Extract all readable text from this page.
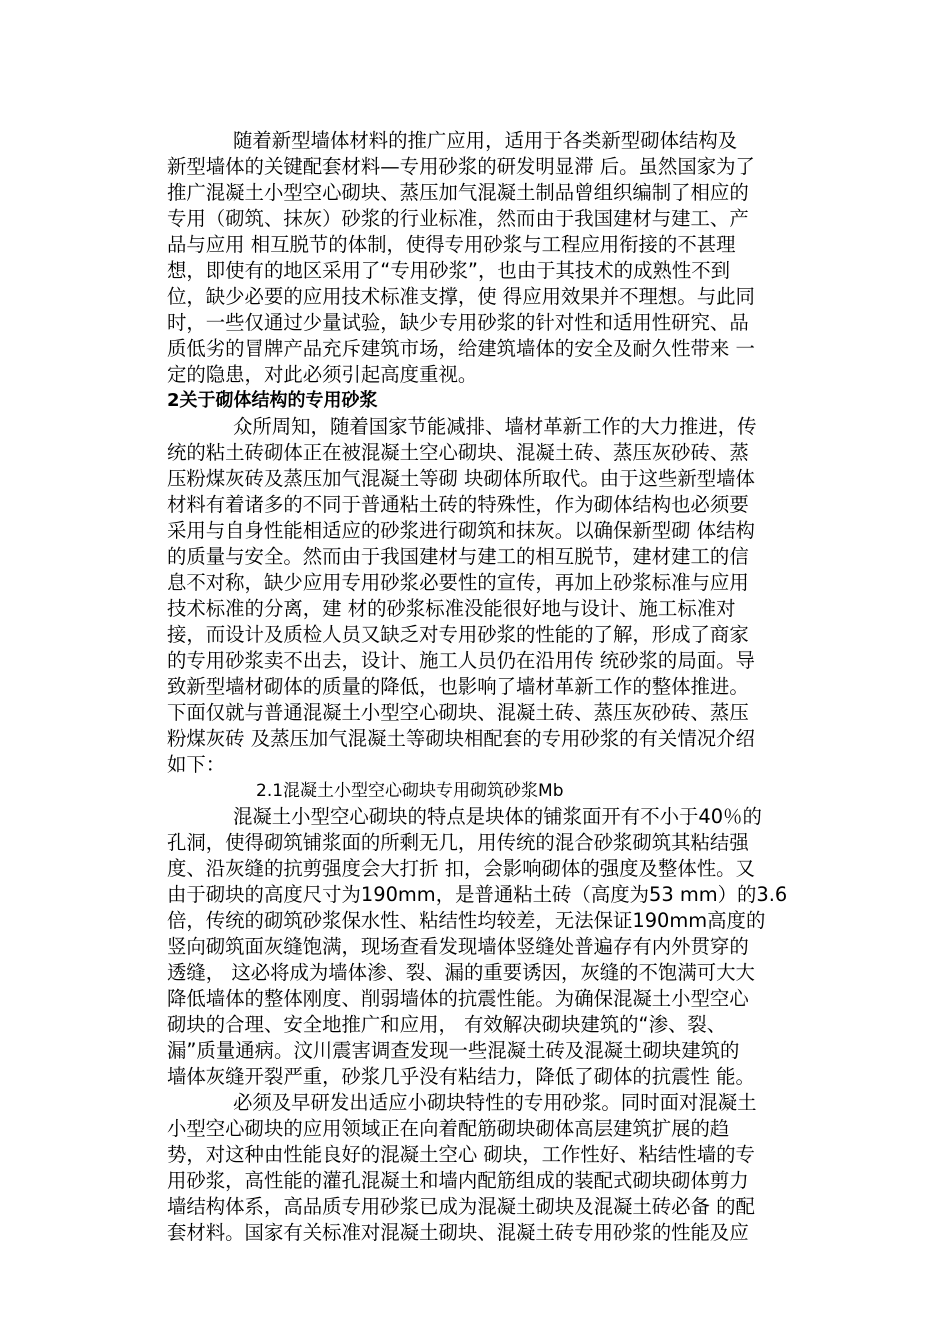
随着新型墙体材料的推广应用，适用于各类新型砌体结构及
新型墙体的关键配套材料—专用砂浆的研发明显滞 后。虽然国家为了
推广混凝土小型空心砌块、蒸压加气混凝土制品曾组织编制了相应的
专用（砌筑、抹灰）砂浆的行业标准，然而由于我国建材与建工、产
品与应用 相互脱节的体制，使得专用砂浆与工程应用衔接的不甚理
想，即使有的地区采用了“专用砂浆”，也由于其技术的成熟性不到
位，缺少必要的应用技术标准支撑，使 得应用效果并不理想。与此同
时，一些仅通过少量试验，缺少专用砂浆的针对性和适用性研究、品
质低劣的冒牌产品充斥建筑市场，给建筑墙体的安全及耐久性带来 一
定的隐患，对此必须引起高度重视。
2关于砌体结构的专用砂浆
众所周知，随着国家节能减排、墙材革新工作的大力推进，传
统的粘土砖砌体正在被混凝土空心砌块、混凝土砖、蒸压灰砂砖、蒸
压粉煤灰砖及蒸压加气混凝土等砌 块砌体所取代。由于这些新型墙体
材料有着诸多的不同于普通粘土砖的特殊性，作为砌体结构也必须要
采用与自身性能相适应的砂浆进行砌筑和抹灰。以确保新型砌 体结构
的质量与安全。然而由于我国建材与建工的相互脱节，建材建工的信
息不对称，缺少应用专用砂浆必要性的宣传，再加上砂浆标准与应用
技术标准的分离，建 材的砂浆标准没能很好地与设计、施工标准对
接，而设计及质检人员又缺乏对专用砂浆的性能的了解，形成了商家
的专用砂浆卖不出去，设计、施工人员仍在沿用传 统砂浆的局面。导
致新型墙材砌体的质量的降低，也影响了墙材革新工作的整体推进。
下面仅就与普通混凝土小型空心砌块、混凝土砖、蒸压灰砂砖、蒸压
粉煤灰砖 及蒸压加气混凝土等砌块相配套的专用砂浆的有关情况介绍
如下：
2.1混凝土小型空心砌块专用砌筑砂浆Mb
混凝土小型空心砌块的特点是块体的铺浆面开有不小于40％的
孔洞，使得砌筑铺浆面的所剩无几，用传统的混合砂浆砌筑其粘结强
度、沿灰缝的抗剪强度会大打折 扣，会影响砌体的强度及整体性。又
由于砌块的高度尺寸为190mm，是普通粘土砖（高度为53 mm）的3.6
倍，传统的砌筑砂浆保水性、粘结性均较差，无法保证190mm高度的
竖向砌筑面灰缝饱满，现场查看发现墙体竖缝处普遍存有内外贯穿的
透缝， 这必将成为墙体渗、裂、漏的重要诱因，灰缝的不饱满可大大
降低墙体的整体刚度、削弱墙体的抗震性能。为确保混凝土小型空心
砌块的合理、安全地推广和应用， 有效解决砌块建筑的“渗、裂、
漏”质量通病。汶川震害调查发现一些混凝土砖及混凝土砌块建筑的
墙体灰缝开裂严重，砂浆几乎没有粘结力，降低了砌体的抗震性 能。
必须及早研发出适应小砌块特性的专用砂浆。同时面对混凝土
小型空心砌块的应用领域正在向着配筋砌块砌体高层建筑扩展的趋
势，对这种由性能良好的混凝土空心 砌块，工作性好、粘结性墙的专
用砂浆，高性能的灌孔混凝土和墙内配筋组成的装配式砌块砌体剪力
墙结构体系，高品质专用砂浆已成为混凝土砌块及混凝土砖必备 的配
套材料。国家有关标准对混凝土砌块、混凝土砖专用砂浆的性能及应
